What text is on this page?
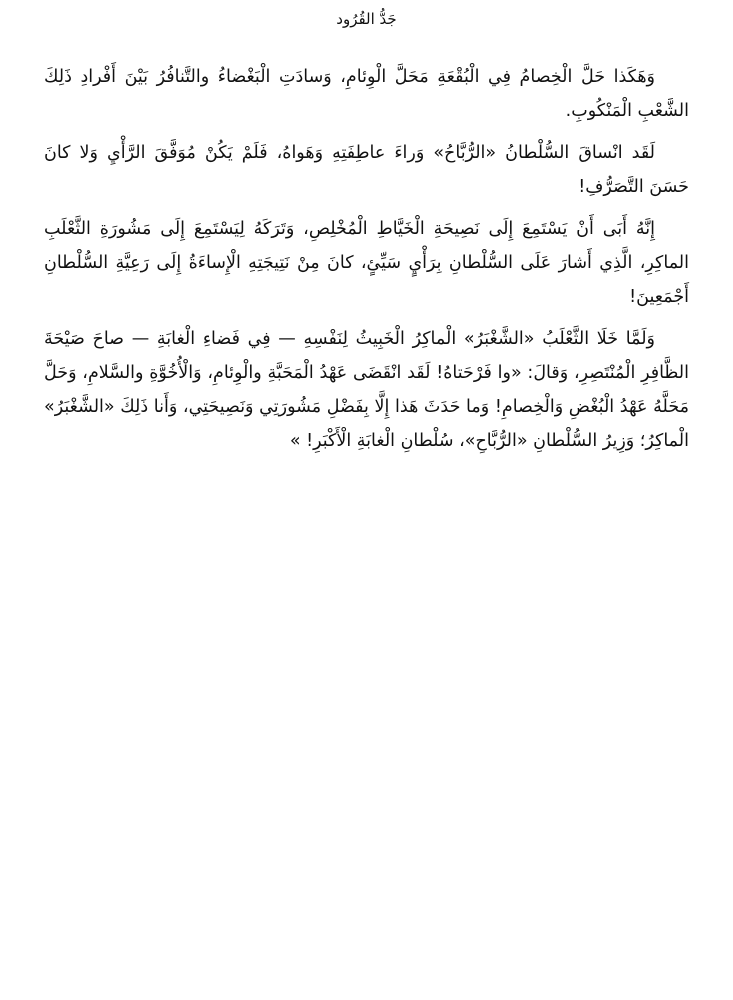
جَدُّ القُرُود

وَهَكَذا حَلَّ الْخِصامُ فِي الْبُقْعَةِ مَحَلَّ الْوِئامِ، وَسادَتِ الْبَغْضاءُ والتَّنافُرُ بَيْنَ أَفْرادِ ذَلِكَ الشَّعْبِ الْمَنْكُوبِ.

لَقَد انْساقَ السُّلْطانُ «الرُّبَّاحُ» وَراءَ عاطِفَتِهِ وَهَواهُ، فَلَمْ يَكُنْ مُوَفَّقَ الرَّأْيِ وَلا كانَ حَسَنَ التَّصَرُّفِ!

إِنَّهُ أَبَى أَنْ يَسْتَمِعَ إِلَى نَصِيحَةِ الْخَيَّاطِ الْمُخْلِصِ، وَتَرَكَهُ لِيَسْتَمِعَ إِلَى مَشُورَةِ الثَّعْلَبِ الماكِرِ، الَّذِي أَشارَ عَلَى السُّلْطانِ بِرَأْيٍ سَيِّئٍ، كانَ مِنْ نَتِيجَتِهِ الْإِساءَةُ إِلَى رَعِيَّةِ السُّلْطانِ أَجْمَعِينَ!

وَلَمَّا خَلَا الثَّعْلَبُ «الشَّغْبَرُ» الْماكِرُ الْخَبِيثُ لِنَفْسِهِ — فِي فَضاءِ الْغابَةِ — صاحَ صَيْحَةَ الظَّافِرِ الْمُنْتَصِرِ، وَقالَ: «وا فَرْحَتاهُ! لَقَد انْقَضَى عَهْدُ الْمَحَبَّةِ والْوِئامِ، وَالْأُخُوَّةِ والسَّلامِ، وَحَلَّ مَحَلَّهُ عَهْدُ الْبُغْضِ وَالْخِصامِ! وَما حَدَثَ هَذا إِلَّا بِفَضْلِ مَشُورَتِي وَنَصِيحَتِي، وَأَنا ذَلِكَ «الشَّغْبَرُ» الْماكِرُ؛ وَزِيرُ السُّلْطانِ «الرُّبَّاحِ»، سُلْطانِ الْغابَةِ الْأَكْبَرِ! »
